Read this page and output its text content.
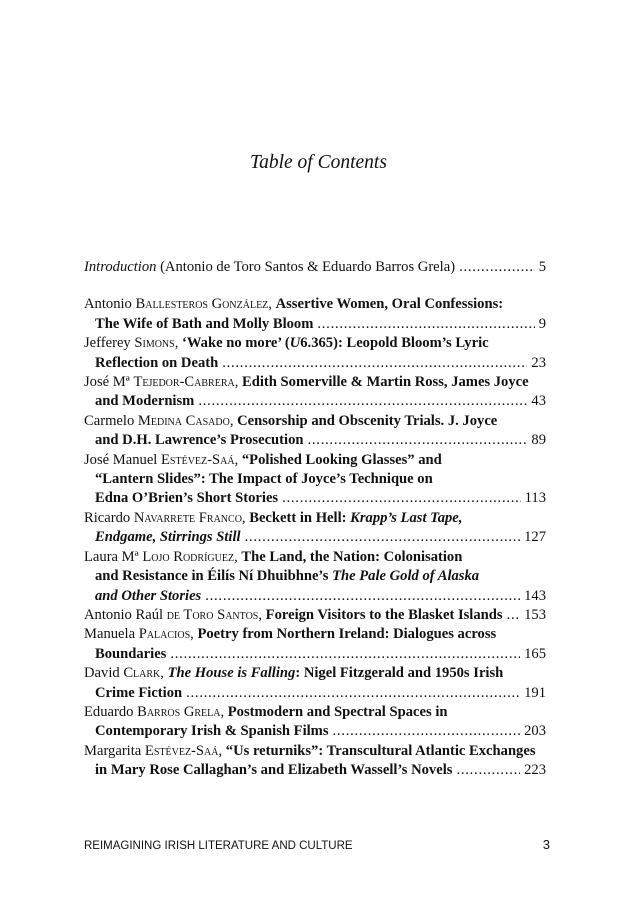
Table of Contents
Introduction (Antonio de Toro Santos & Eduardo Barros Grela) . . .	5
Antonio Ballesteros González, Assertive Women, Oral Confessions:
The Wife of Bath and Molly Bloom . . .	9
Jefferey Simons, ‘Wake no more’ (U6.365): Leopold Bloom’s Lyric
Reflection on Death . . .	23
José Mª Tejedor-Cabrera, Edith Somerville & Martin Ross, James Joyce
and Modernism . . .	43
Carmelo Medina Casado, Censorship and Obscenity Trials. J. Joyce
and D.H. Lawrence’s Prosecution . . .	89
José Manuel Estévez-Saá, “Polished Looking Glasses” and
“Lantern Slides”: The Impact of Joyce’s Technique on
Edna O’Brien’s Short Stories . . .	113
Ricardo Navarrete Franco, Beckett in Hell: Krapp’s Last Tape,
Endgame, Stirrings Still . . .	127
Laura Mª Lojo Rodríguez, The Land, the Nation: Colonisation
and Resistance in Éilís Ní Dhuibhne’s The Pale Gold of Alaska
and Other Stories . . .	143
Antonio Raúl de Toro Santos, Foreign Visitors to the Blasket Islands . . . 153
Manuela Palacios, Poetry from Northern Ireland: Dialogues across
Boundaries . . .	165
David Clark, The House is Falling: Nigel Fitzgerald and 1950s Irish
Crime Fiction . . .	191
Eduardo Barros Grela, Postmodern and Spectral Spaces in
Contemporary Irish & Spanish Films . . .	203
Margarita Estévez-Saá, “Us returniks”: Transcultural Atlantic Exchanges
in Mary Rose Callaghan’s and Elizabeth Wassell’s Novels . . .	223
REIMAGINING IRISH LITERATURE AND CULTURE	3
